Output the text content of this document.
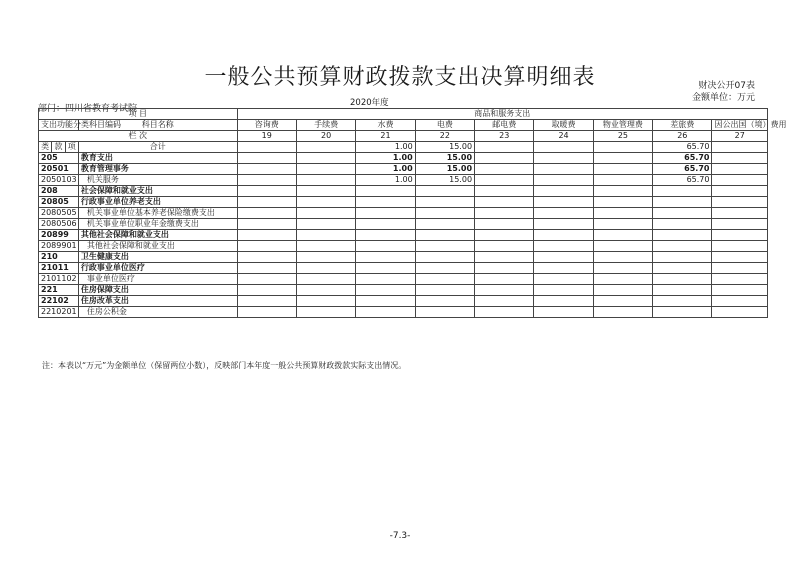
一般公共预算财政拨款支出决算明细表	财决公开07表
金额单位：万元
部门：四川省教育考试院
2020年度
项 目				商品和服务支出								
支出功能分类科目编码			科目名称	咨询费	手续费	水费	电费	邮电费	取暖费	物业管理费	差旅费	因公出国（境）费用
栏 次				19	20	21	22	23	24	25	26	27
类	款	项	合计			1.00	15.00				65.70	
205			教育支出			1.00	15.00				65.70	
20501			教育管理事务			1.00	15.00				65.70	
2050103			机关服务			1.00	15.00				65.70	
208			社会保障和就业支出									
20805			行政事业单位养老支出									
2080505			机关事业单位基本养老保险缴费支出									
2080506			机关事业单位职业年金缴费支出									
20899			其他社会保障和就业支出									
2089901			其他社会保障和就业支出									
210			卫生健康支出									
21011			行政事业单位医疗									
2101102			事业单位医疗									
221			住房保障支出									
22102			住房改革支出									
2210201			住房公积金									
注：本表以“万元”为金额单位（保留两位小数），反映部门本年度一般公共预算财政拨款实际支出情况。
-7.3-
